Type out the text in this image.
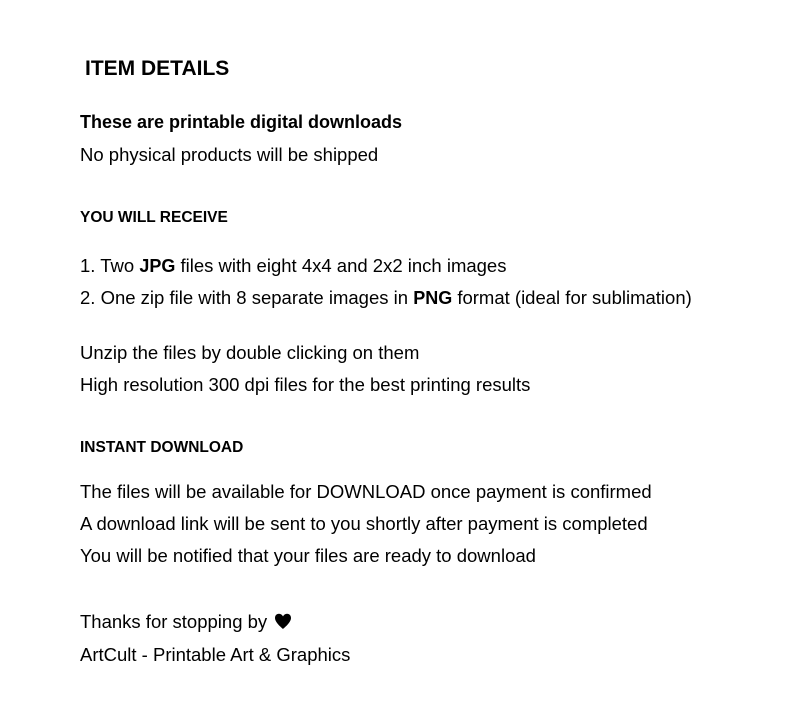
ITEM DETAILS
These are printable digital downloads
No physical products will be shipped
YOU WILL RECEIVE
1. Two JPG files with eight 4x4 and 2x2 inch images
2. One zip file with 8 separate images in PNG format (ideal for sublimation)
Unzip the files by double clicking on them
High resolution 300 dpi files for the best printing results
INSTANT DOWNLOAD
The files will be available for DOWNLOAD once payment is confirmed
A download link will be sent to you shortly after payment is completed
You will be notified that your files are ready to download
Thanks for stopping by
ArtCult - Printable Art & Graphics
